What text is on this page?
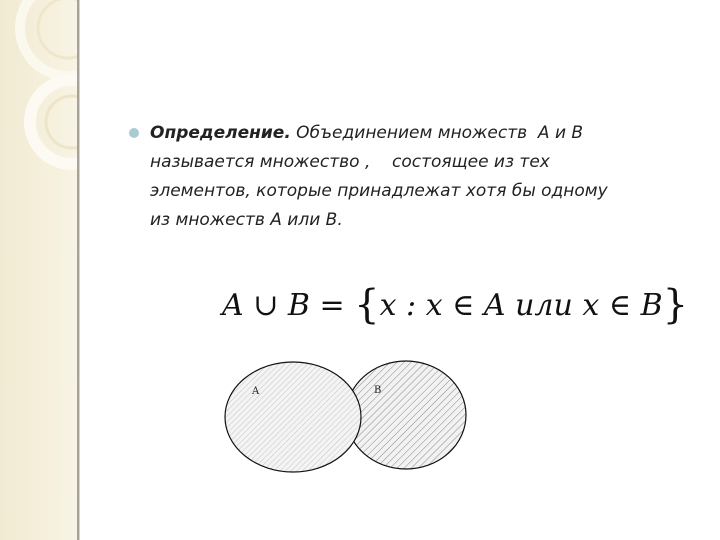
Определение. Объединением множеств  А и В
называется множество ,    состоящее из тех
элементов, которые принадлежат хотя бы одному
из множеств А или В.
A ∪ B = {x : x ∈ A или x ∈ B}
A	B
